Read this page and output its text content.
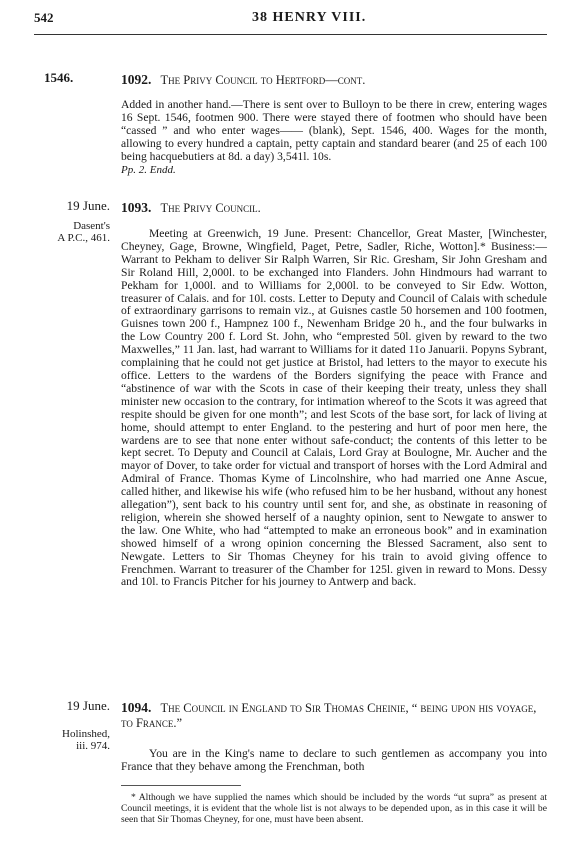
542	38 HENRY VIII.
1546.	1092. The Privy Council to Hertford—cont.

Added in another hand.—There is sent over to Bulloyn to be there in crew, entering wages 16 Sept. 1546, footmen 900. There were stayed there of footmen who should have been “cassed ” and who enter wages—— (blank), Sept. 1546, 400. Wages for the month, allowing to every hundred a captain, petty captain and standard bearer (and 25 of each 100 being hacquebutiers at 8d. a day) 3,541l. 10s.

Pp. 2. Endd.
19 June.
Dasent's
A P.C., 461.
1093. The Privy Council.

Meeting at Greenwich, 19 June. Present: Chancellor, Great Master, [Winchester, Cheyney, Gage, Browne, Wingfield, Paget, Petre, Sadler, Riche, Wotton].* Business:—Warrant to Pekham to deliver Sir Ralph Warren, Sir Ric. Gresham, Sir John Gresham and Sir Roland Hill, 2,000l. to be exchanged into Flanders. John Hindmours had warrant to Pekham for 1,000l. and to Williams for 2,000l. to be conveyed to Sir Edw. Wotton, treasurer of Calais. and for 10l. costs. Letter to Deputy and Council of Calais with schedule of extraordinary garrisons to remain viz., at Guisnes castle 50 horsemen and 100 footmen, Guisnes town 200 f., Hampnez 100 f., Newenham Bridge 20 h., and the four bulwarks in the Low Country 200 f. Lord St. John, who “emprested 50l. given by reward to the two Maxwelles,” 11 Jan. last, had warrant to Williams for it dated 11o Januarii. Popyns Sybrant, complaining that he could not get justice at Bristol, had letters to the mayor to execute his office. Letters to the wardens of the Borders signifying the peace with France and “abstinence of war with the Scots in case of their keeping their treaty, unless they shall minister new occasion to the contrary, for intimation whereof to the Scots it was agreed that respite should be given for one month”; and lest Scots of the base sort, for lack of living at home, should attempt to enter England. to the pestering and hurt of poor men here, the wardens are to see that none enter without safe-conduct; the contents of this letter to be kept secret. To Deputy and Council at Calais, Lord Gray at Boulogne, Mr. Aucher and the mayor of Dover, to take order for victual and transport of horses with the Lord Admiral and Admiral of France. Thomas Kyme of Lincolnshire, who had married one Anne Ascue, called hither, and likewise his wife (who refused him to be her husband, without any honest allegation”), sent back to his country until sent for, and she, as obstinate in reasoning of religion, wherein she showed herself of a naughty opinion, sent to Newgate to answer to the law. One White, who had “attempted to make an erroneous book” and in examination showed himself of a wrong opinion concerning the Blessed Sacrament, also sent to Newgate. Letters to Sir Thomas Cheyney for his train to avoid giving offence to Frenchmen. Warrant to treasurer of the Chamber for 125l. given in reward to Mons. Dessy and 10l. to Francis Pitcher for his journey to Antwerp and back.

19 June.
Holinshed,
iii. 974.
1094. The Council in England to Sir Thomas Cheinie, “ being upon his voyage, to France.”

You are in the King's name to declare to such gentlemen as accompany you into France that they behave among the Frenchman, both

* Although we have supplied the names which should be included by the words “ut supra” as present at Council meetings, it is evident that the whole list is not always to be depended upon, as in this case it will be seen that Sir Thomas Cheyney, for one, must have been absent.
